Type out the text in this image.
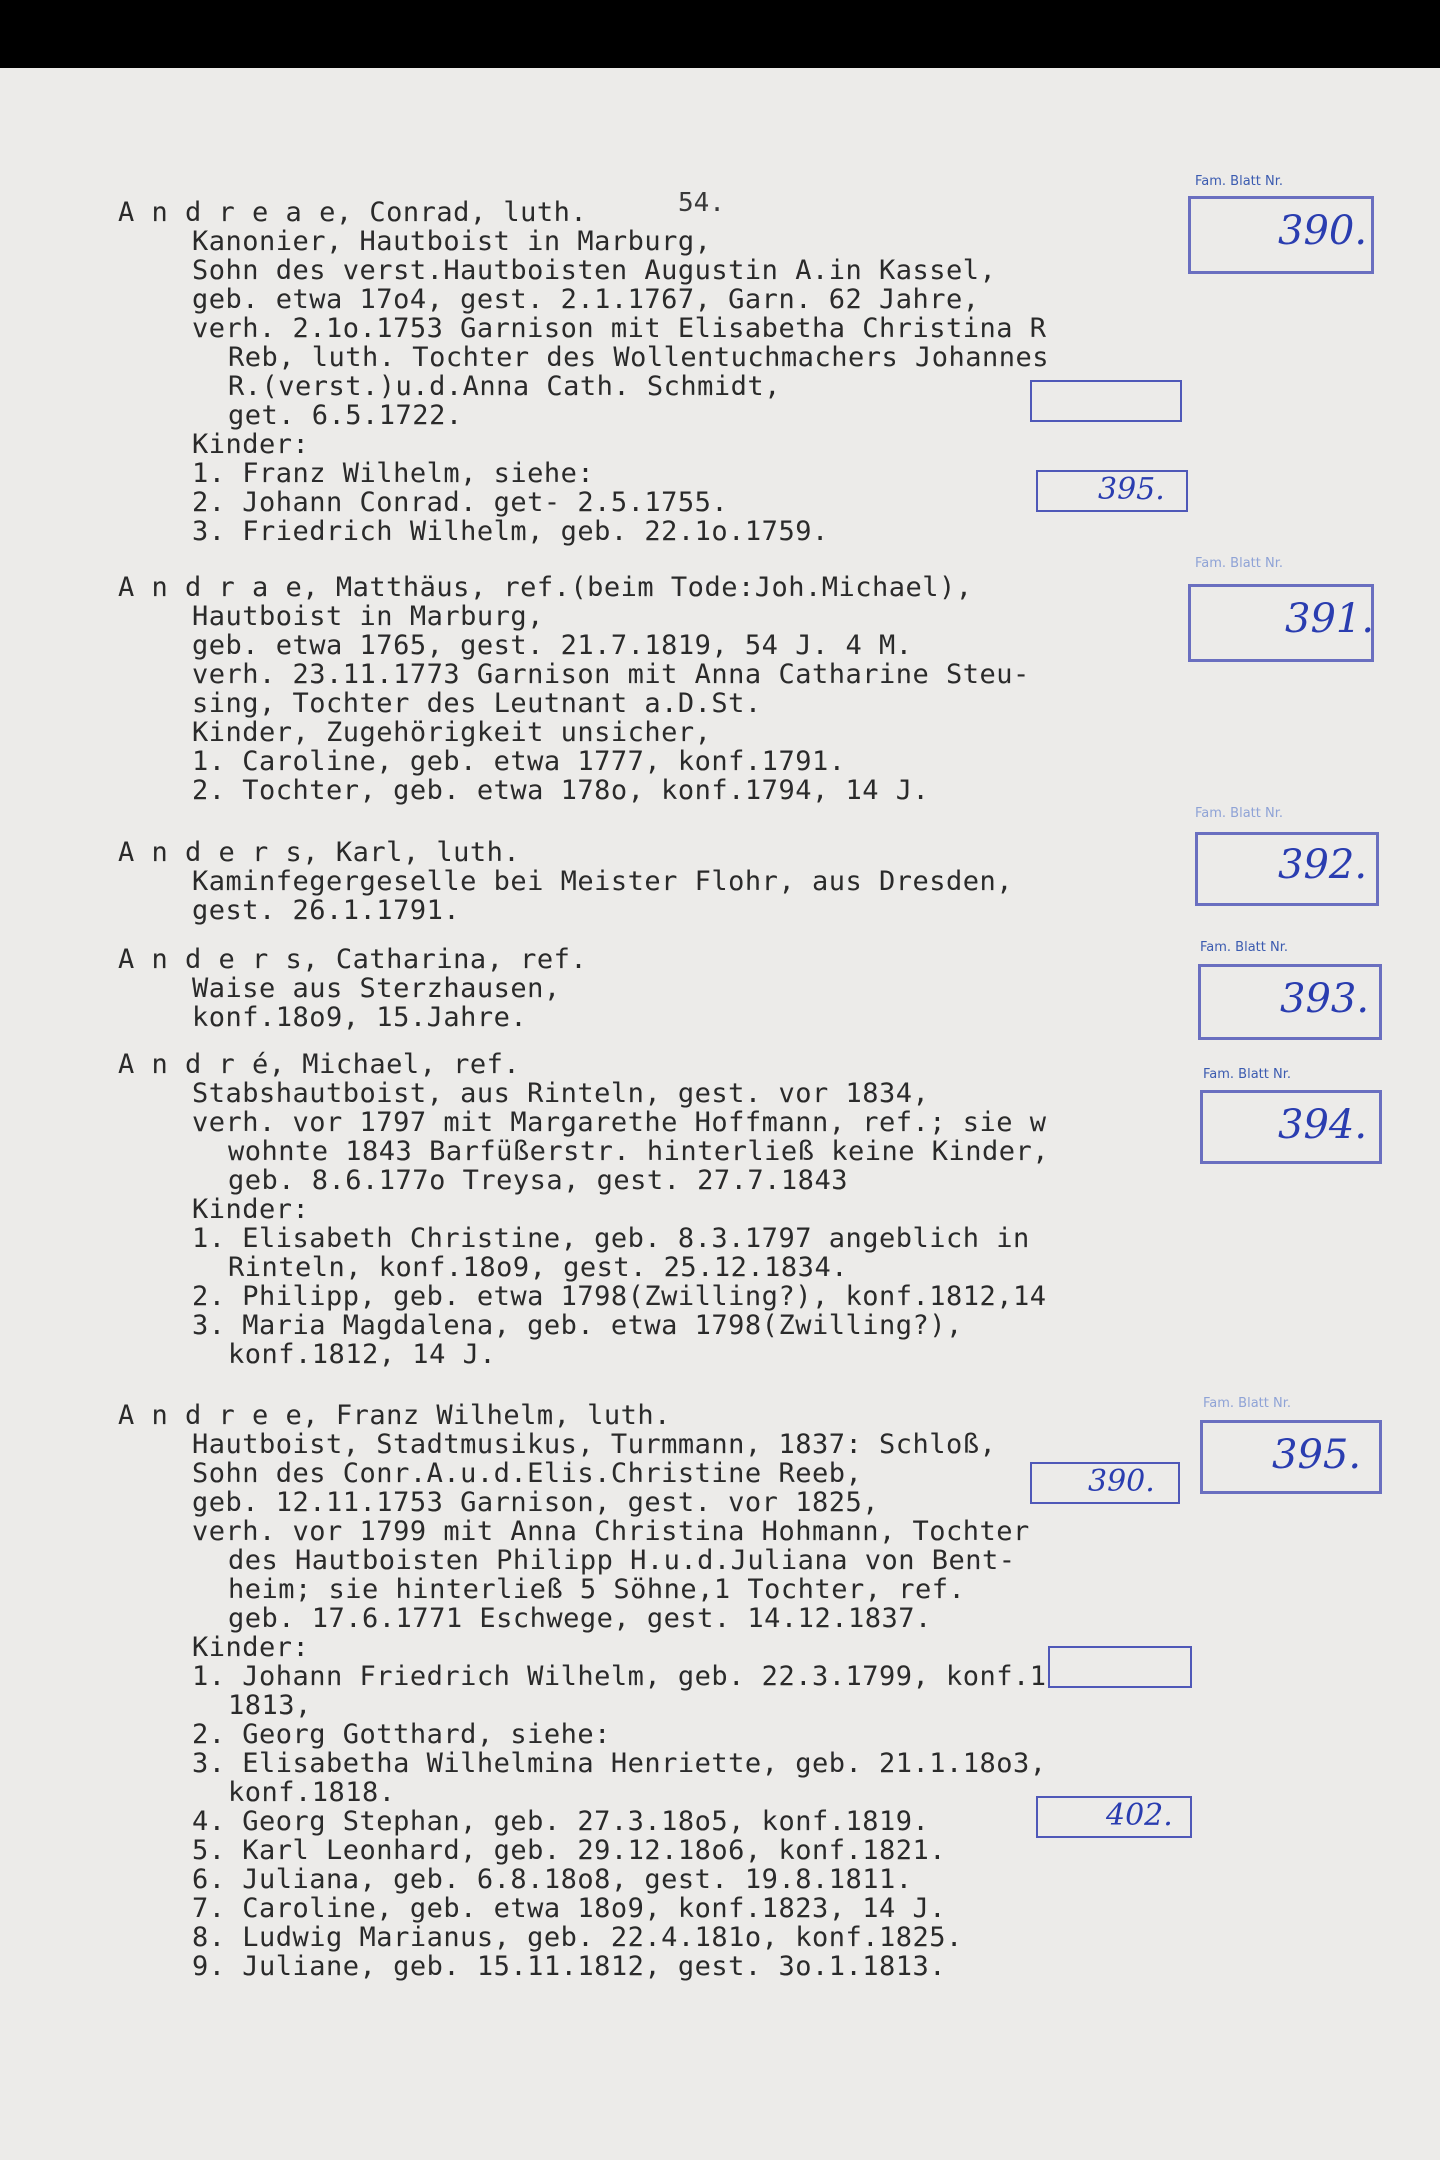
54.
A n d r e a e, Conrad, luth.
Kanonier, Hautboist in Marburg,
Sohn des verst.Hautboisten Augustin A.in Kassel,
geb. etwa 17o4, gest. 2.1.1767, Garn. 62 Jahre,
verh. 2.1o.1753 Garnison mit Elisabetha Christina R
Reb, luth. Tochter des Wollentuchmachers Johannes
R.(verst.)u.d.Anna Cath. Schmidt,
get. 6.5.1722.
Kinder:
1. Franz Wilhelm, siehe:
2. Johann Conrad. get- 2.5.1755.
3. Friedrich Wilhelm, geb. 22.1o.1759.
A n d r a e, Matthäus, ref.(beim Tode:Joh.Michael),
Hautboist in Marburg,
geb. etwa 1765, gest. 21.7.1819, 54 J. 4 M.
verh. 23.11.1773 Garnison mit Anna Catharine Steu-
sing, Tochter des Leutnant a.D.St.
Kinder, Zugehörigkeit unsicher,
1. Caroline, geb. etwa 1777, konf.1791.
2. Tochter, geb. etwa 178o, konf.1794, 14 J.
A n d e r s, Karl, luth.
Kaminfegergeselle bei Meister Flohr, aus Dresden,
gest. 26.1.1791.
A n d e r s, Catharina, ref.
Waise aus Sterzhausen,
konf.18o9, 15.Jahre.
A n d r é, Michael, ref.
Stabshautboist, aus Rinteln, gest. vor 1834,
verh. vor 1797 mit Margarethe Hoffmann, ref.; sie w
wohnte 1843 Barfüßerstr. hinterließ keine Kinder,
geb. 8.6.177o Treysa, gest. 27.7.1843
Kinder:
1. Elisabeth Christine, geb. 8.3.1797 angeblich in
Rinteln, konf.18o9, gest. 25.12.1834.
2. Philipp, geb. etwa 1798(Zwilling?), konf.1812,14
3. Maria Magdalena, geb. etwa 1798(Zwilling?),
konf.1812, 14 J.
A n d r e e, Franz Wilhelm, luth.
Hautboist, Stadtmusikus, Turmmann, 1837: Schloß,
Sohn des Conr.A.u.d.Elis.Christine Reeb,
geb. 12.11.1753 Garnison, gest. vor 1825,
verh. vor 1799 mit Anna Christina Hohmann, Tochter
des Hautboisten Philipp H.u.d.Juliana von Bent-
heim; sie hinterließ 5 Söhne,1 Tochter, ref.
geb. 17.6.1771 Eschwege, gest. 14.12.1837.
Kinder:
1. Johann Friedrich Wilhelm, geb. 22.3.1799, konf.1
1813,
2. Georg Gotthard, siehe:
3. Elisabetha Wilhelmina Henriette, geb. 21.1.18o3,
konf.1818.
4. Georg Stephan, geb. 27.3.18o5, konf.1819.
5. Karl Leonhard, geb. 29.12.18o6, konf.1821.
6. Juliana, geb. 6.8.18o8, gest. 19.8.1811.
7. Caroline, geb. etwa 18o9, konf.1823, 14 J.
8. Ludwig Marianus, geb. 22.4.181o, konf.1825.
9. Juliane, geb. 15.11.1812, gest. 3o.1.1813.
Fam. Blatt Nr.
390.
Fam. Blatt Nr.
391.
Fam. Blatt Nr.
392.
Fam. Blatt Nr.
393.
Fam. Blatt Nr.
394.
Fam. Blatt Nr.
395.
395.
390.
402.
